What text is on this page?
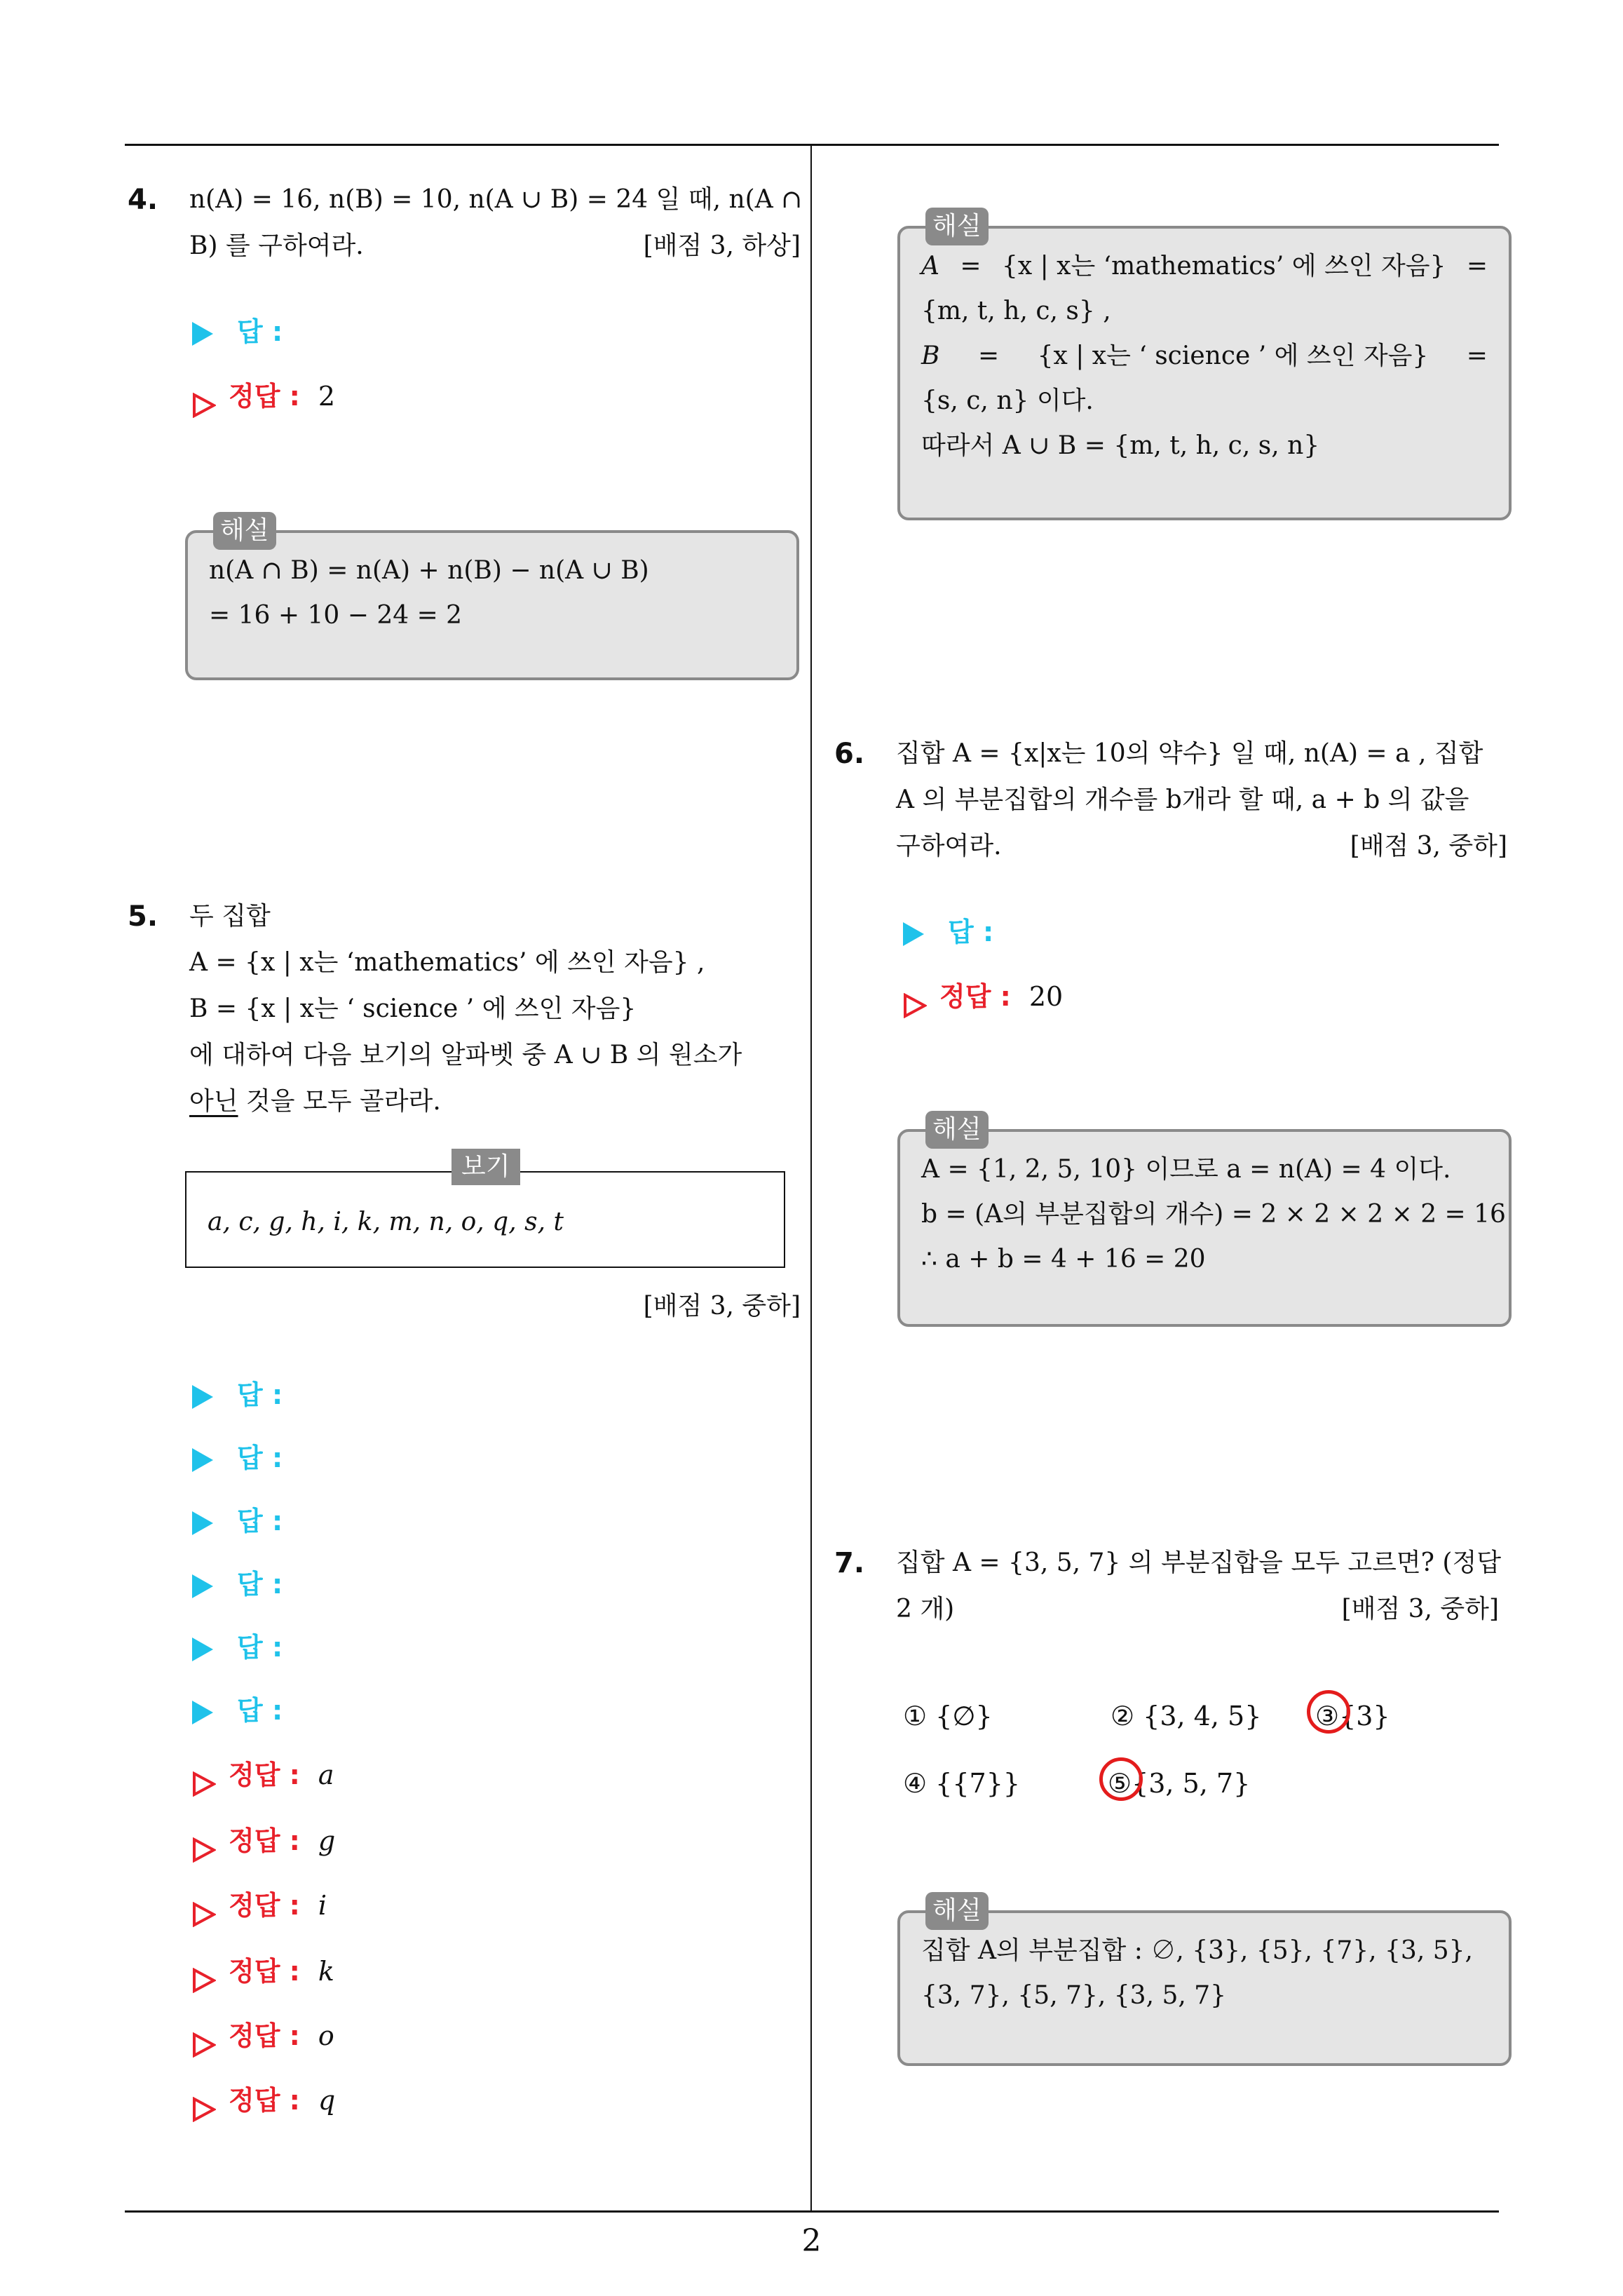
2
4. n(A) = 16, n(B) = 10, n(A ∪ B) = 24 일 때, n(A ∩
B) 를 구하여라.	[배점 3, 하상]
답 :
정답 : 2
해설
n(A ∩ B) = n(A) + n(B) − n(A ∪ B)
= 16 + 10 − 24 = 2
5. 두 집합
A = {x | x는 ‘mathematics’ 에 쓰인 자음} ,
B = {x | x는 ‘ science ’ 에 쓰인 자음}
에 대하여 다음 보기의 알파벳 중 A ∪ B 의 원소가
아닌 것을 모두 골라라.
보기
a, c, g, h, i, k, m, n, o, q, s, t
[배점 3, 중하]
답 :
답 :
답 :
답 :
답 :
답 :
정답 : a
정답 : g
정답 : i
정답 : k
정답 : o
정답 : q
해설
A = {x | x는 ‘mathematics’ 에 쓰인 자음} =
{m, t, h, c, s} ,
B = {x | x는 ‘ science ’ 에 쓰인 자음} =
{s, c, n} 이다.
따라서 A ∪ B = {m, t, h, c, s, n}
6. 집합 A = {x|x는 10의 약수} 일 때, n(A) = a , 집합
A 의 부분집합의 개수를 b개라 할 때, a + b 의 값을
구하여라.	[배점 3, 중하]
답 :
정답 : 20
해설
A = {1, 2, 5, 10} 이므로 a = n(A) = 4 이다.
b = (A의 부분집합의 개수) = 2 × 2 × 2 × 2 = 16
∴ a + b = 4 + 16 = 20
7. 집합 A = {3, 5, 7} 의 부분집합을 모두 고르면? (정답
2 개)	[배점 3, 중하]
① {∅}	② {3, 4, 5} ③{3}
④ {{7}}	⑤{3, 5, 7}
해설
집합 A의 부분집합 : ∅, {3}, {5}, {7}, {3, 5},
{3, 7}, {5, 7}, {3, 5, 7}
